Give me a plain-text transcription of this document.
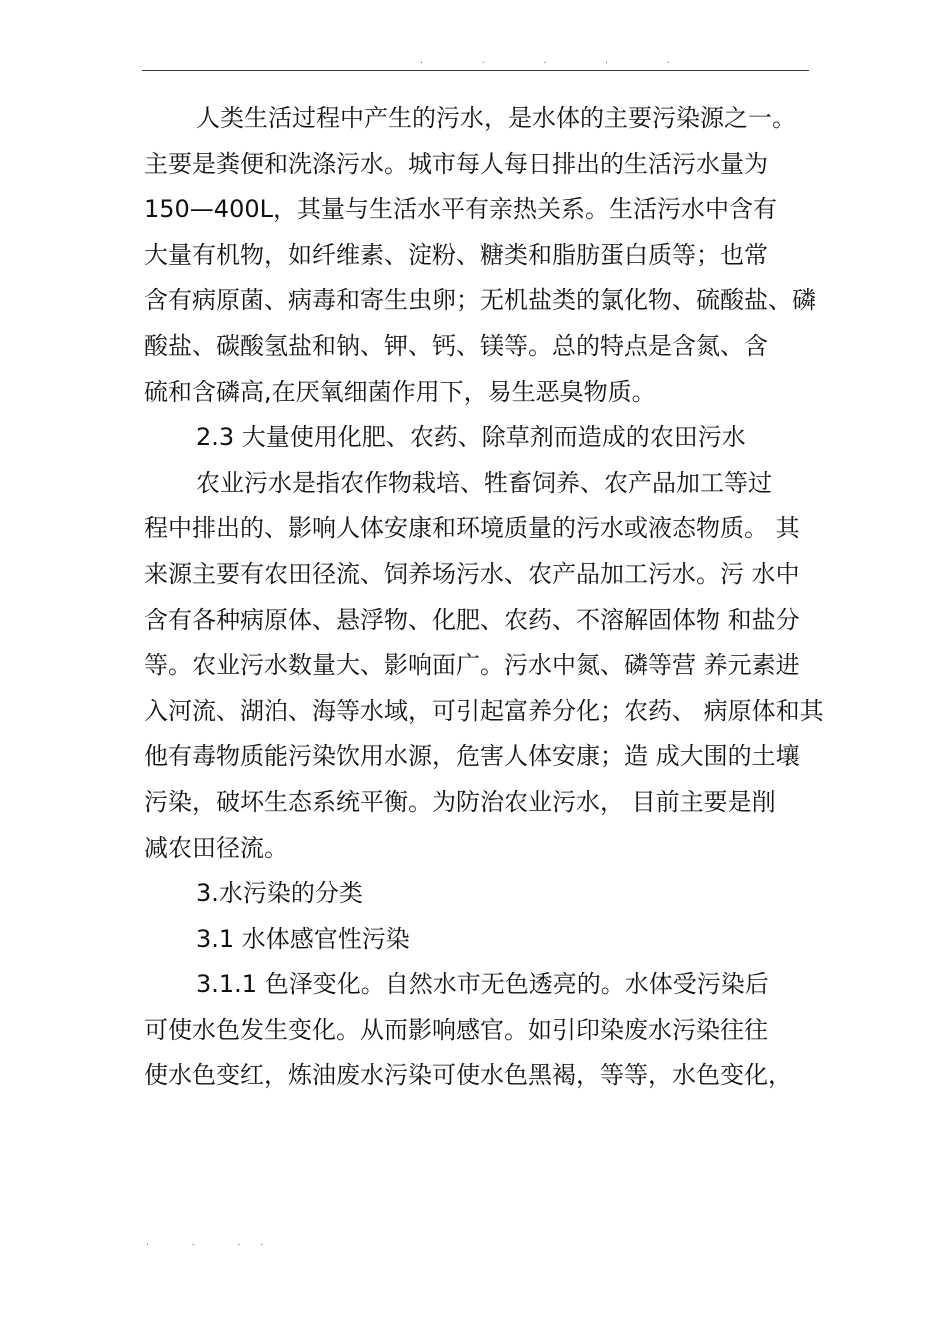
. . . . .
人类生活过程中产生的污水，是水体的主要污染源之一。
主要是粪便和洗涤污水。城市每人每日排出的生活污水量为
150—400L，其量与生活水平有亲热关系。生活污水中含有
大量有机物，如纤维素、淀粉、糖类和脂肪蛋白质等；也常
含有病原菌、病毒和寄生虫卵；无机盐类的氯化物、硫酸盐、磷
酸盐、碳酸氢盐和钠、钾、钙、镁等。总的特点是含氮、含
硫和含磷高,在厌氧细菌作用下，易生恶臭物质。
2.3 大量使用化肥、农药、除草剂而造成的农田污水
农业污水是指农作物栽培、牲畜饲养、农产品加工等过
程中排出的、影响人体安康和环境质量的污水或液态物质。 其
来源主要有农田径流、饲养场污水、农产品加工污水。污 水中
含有各种病原体、悬浮物、化肥、农药、不溶解固体物 和盐分
等。农业污水数量大、影响面广。污水中氮、磷等营 养元素进
入河流、湖泊、海等水域，可引起富养分化；农药、 病原体和其
他有毒物质能污染饮用水源，危害人体安康；造 成大围的土壤
污染，破坏生态系统平衡。为防治农业污水， 目前主要是削
减农田径流。
3.水污染的分类
3.1 水体感官性污染
3.1.1 色泽变化。自然水市无色透亮的。水体受污染后
可使水色发生变化。从而影响感官。如引印染废水污染往往
使水色变红，炼油废水污染可使水色黑褐，等等，水色变化，
. . ..
